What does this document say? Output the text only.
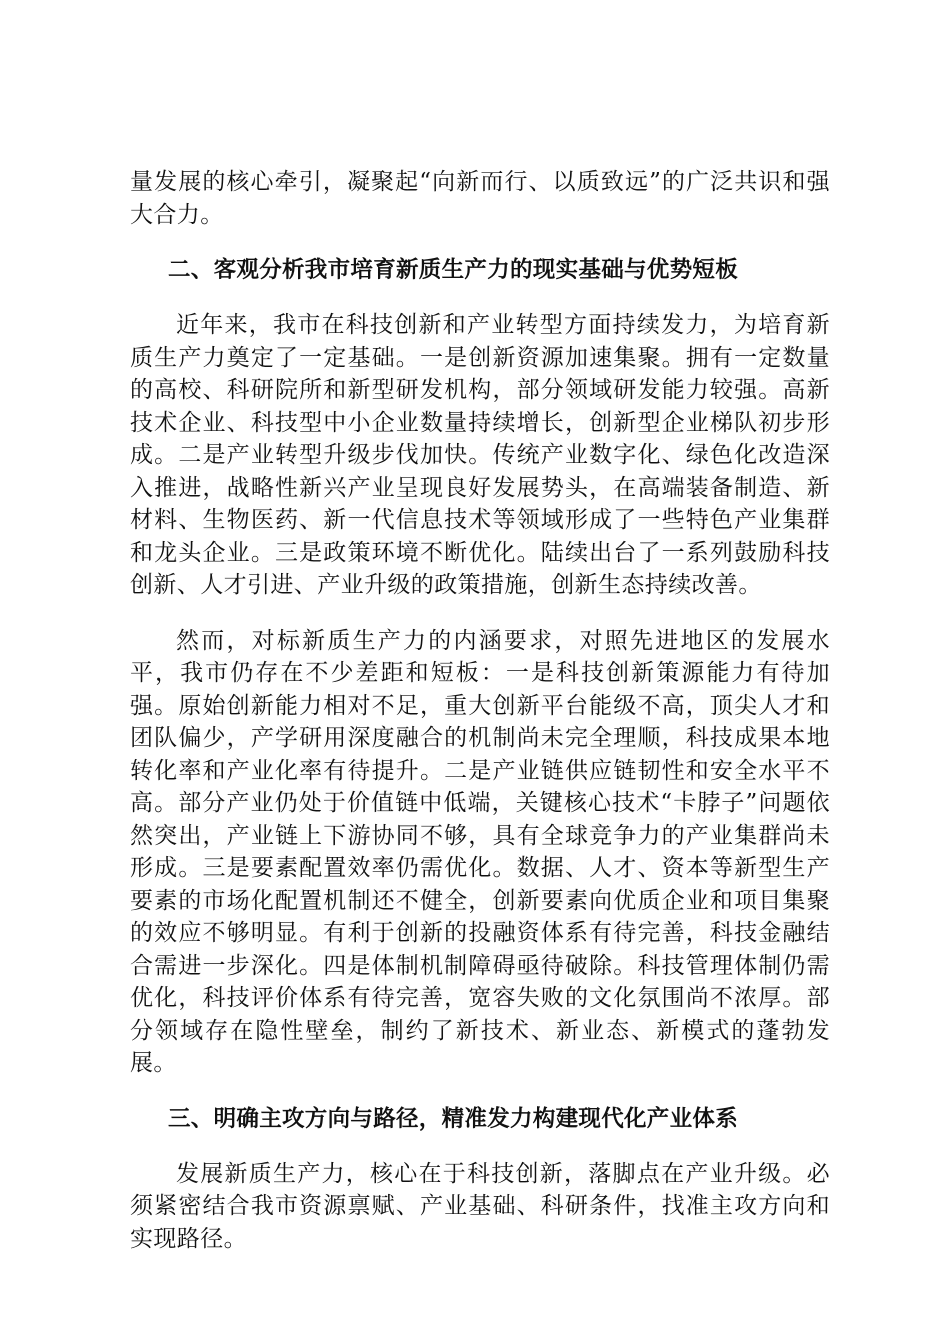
量发展的核心牵引，凝聚起“向新而行、以质致远”的广泛共识和强大合力。

二、客观分析我市培育新质生产力的现实基础与优势短板

近年来，我市在科技创新和产业转型方面持续发力，为培育新质生产力奠定了一定基础。一是创新资源加速集聚。拥有一定数量的高校、科研院所和新型研发机构，部分领域研发能力较强。高新技术企业、科技型中小企业数量持续增长，创新型企业梯队初步形成。二是产业转型升级步伐加快。传统产业数字化、绿色化改造深入推进，战略性新兴产业呈现良好发展势头，在高端装备制造、新材料、生物医药、新一代信息技术等领域形成了一些特色产业集群和龙头企业。三是政策环境不断优化。陆续出台了一系列鼓励科技创新、人才引进、产业升级的政策措施，创新生态持续改善。

然而，对标新质生产力的内涵要求，对照先进地区的发展水平，我市仍存在不少差距和短板：一是科技创新策源能力有待加强。原始创新能力相对不足，重大创新平台能级不高，顶尖人才和团队偏少，产学研用深度融合的机制尚未完全理顺，科技成果本地转化率和产业化率有待提升。二是产业链供应链韧性和安全水平不高。部分产业仍处于价值链中低端，关键核心技术“卡脖子”问题依然突出，产业链上下游协同不够，具有全球竞争力的产业集群尚未形成。三是要素配置效率仍需优化。数据、人才、资本等新型生产要素的市场化配置机制还不健全，创新要素向优质企业和项目集聚的效应不够明显。有利于创新的投融资体系有待完善，科技金融结合需进一步深化。四是体制机制障碍亟待破除。科技管理体制仍需优化，科技评价体系有待完善，宽容失败的文化氛围尚不浓厚。部分领域存在隐性壁垒，制约了新技术、新业态、新模式的蓬勃发展。

三、明确主攻方向与路径，精准发力构建现代化产业体系

发展新质生产力，核心在于科技创新，落脚点在产业升级。必须紧密结合我市资源禀赋、产业基础、科研条件，找准主攻方向和实现路径。
